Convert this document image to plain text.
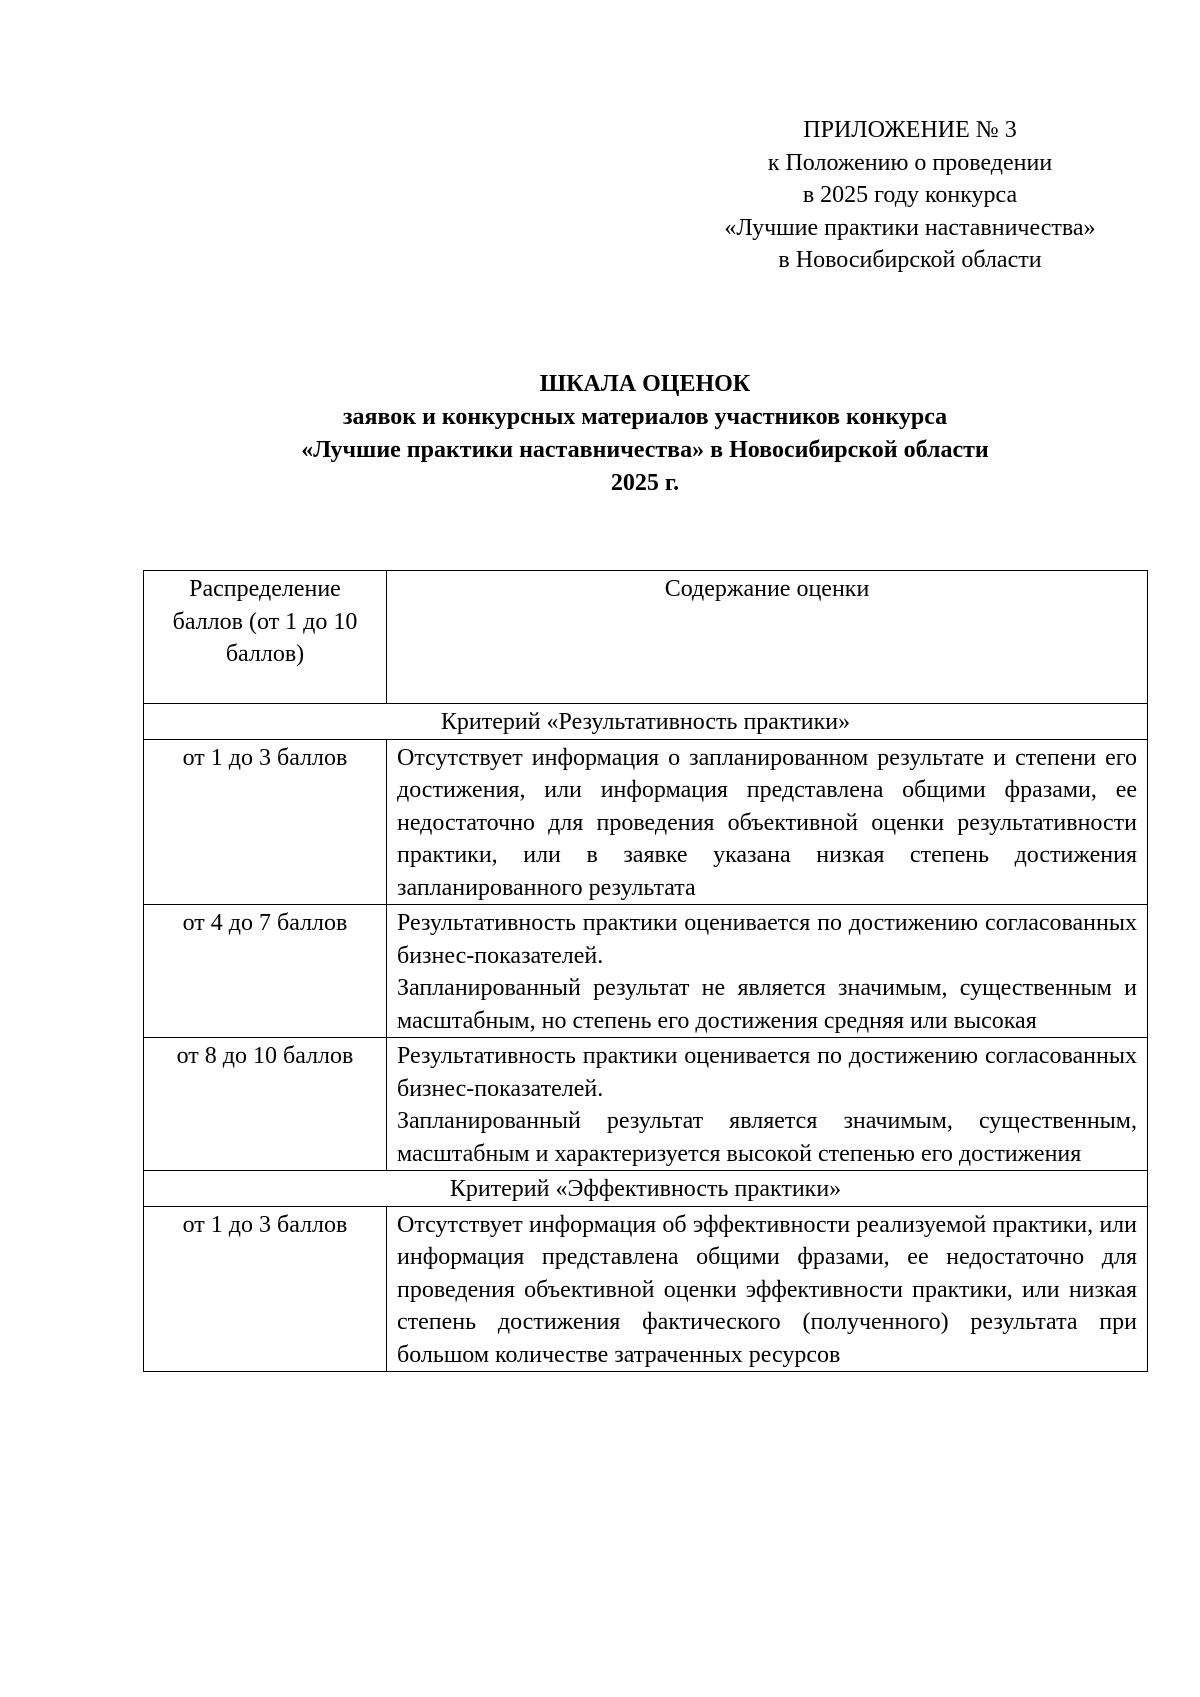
ПРИЛОЖЕНИЕ № 3
к Положению о проведении
в 2025 году конкурса
«Лучшие практики наставничества»
в Новосибирской области
ШКАЛА ОЦЕНОК
заявок и конкурсных материалов участников конкурса
«Лучшие практики наставничества» в Новосибирской области
2025 г.
Распределение баллов (от 1 до 10 баллов)	Содержание оценки
Критерий «Результативность практики»	
от 1 до 3 баллов	Отсутствует информация о запланированном результате и степени его достижения, или информация представлена общими фразами, ее недостаточно для проведения объективной оценки результативности практики, или в заявке указана низкая степень достижения запланированного результата

от 4 до 7 баллов	Результативность практики оценивается по достижению согласованных бизнес-показателей.

Запланированный результат не является значимым, существенным и масштабным, но степень его достижения средняя или высокая

от 8 до 10 баллов	Результативность практики оценивается по достижению согласованных бизнес-показателей.

Запланированный результат является значимым, существенным, масштабным и характеризуется высокой степенью его достижения

Критерий «Эффективность практики»	
от 1 до 3 баллов	Отсутствует информация об эффективности реализуемой практики, или информация представлена общими фразами, ее недостаточно для проведения объективной оценки эффективности практики, или низкая степень достижения фактического (полученного) результата при большом количестве затраченных ресурсов
